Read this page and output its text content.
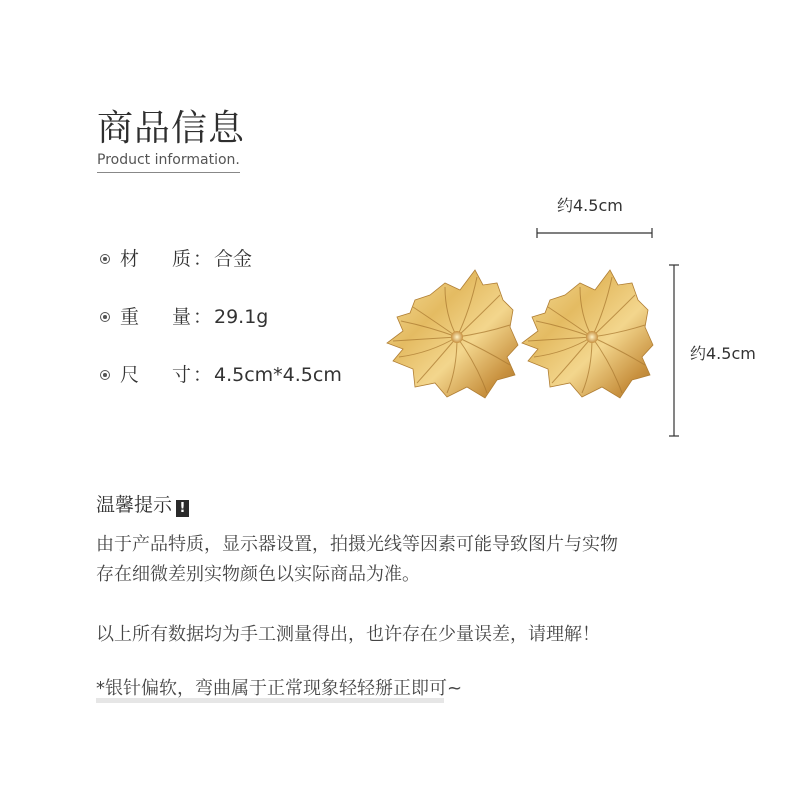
商品信息
Product information.
材 质 ： 合金
重 量 ： 29.1g
尺 寸 ： 4.5cm*4.5cm
约4.5cm
约4.5cm
温馨提示 !
由于产品特质，显示器设置，拍摄光线等因素可能导致图片与实物
存在细微差别实物颜色以实际商品为准。
以上所有数据均为手工测量得出，也许存在少量误差，请理解！
*银针偏软，弯曲属于正常现象轻轻掰正即可~
